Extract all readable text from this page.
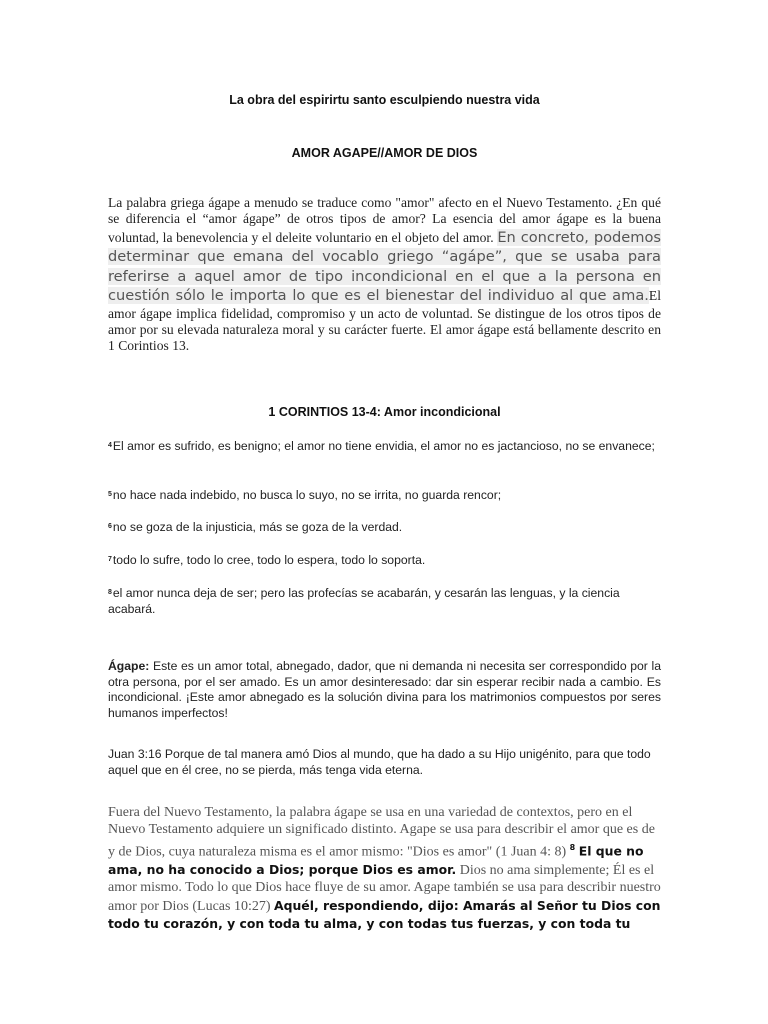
La obra del espirirtu santo esculpiendo nuestra vida
AMOR AGAPE//AMOR DE DIOS

La palabra griega ágape a menudo se traduce como "amor" afecto en el Nuevo Testamento. ¿En qué se diferencia el “amor ágape” de otros tipos de amor? La esencia del amor ágape es la buena voluntad, la benevolencia y el deleite voluntario en el objeto del amor. En concreto, podemos determinar que emana del vocablo griego “agápe”, que se usaba para referirse a aquel amor de tipo incondicional en el que a la persona en cuestión sólo le importa lo que es el bienestar del individuo al que ama.El amor ágape implica fidelidad, compromiso y un acto de voluntad. Se distingue de los otros tipos de amor por su elevada naturaleza moral y su carácter fuerte. El amor ágape está bellamente descrito en 1 Corintios 13.

1 CORINTIOS 13-4: Amor incondicional

$^4$El amor es sufrido, es benigno; el amor no tiene envidia, el amor no es jactancioso, no se envanece;

$^5$no hace nada indebido, no busca lo suyo, no se irrita, no guarda rencor;

$^6$no se goza de la injusticia, más se goza de la verdad.

$^7$todo lo sufre, todo lo cree, todo lo espera, todo lo soporta.

$^8$el amor nunca deja de ser; pero las profecías se acabarán, y cesarán las lenguas, y la ciencia acabará.

Ágape: Este es un amor total, abnegado, dador, que ni demanda ni necesita ser correspondido por la otra persona, por el ser amado. Es un amor desinteresado: dar sin esperar recibir nada a cambio. Es incondicional. ¡Este amor abnegado es la solución divina para los matrimonios compuestos por seres humanos imperfectos!

Juan 3:16 Porque de tal manera amó Dios al mundo, que ha dado a su Hijo unigénito, para que todo aquel que en él cree, no se pierda, más tenga vida eterna.

Fuera del Nuevo Testamento, la palabra ágape se usa en una variedad de contextos, pero en el Nuevo Testamento adquiere un significado distinto. Agape se usa para describir el amor que es de y de Dios, cuya naturaleza misma es el amor mismo: "Dios es amor" (1 Juan 4: 8) $^8$ El que no ama, no ha conocido a Dios; porque Dios es amor. Dios no ama simplemente; Él es el amor mismo. Todo lo que Dios hace fluye de su amor. Agape también se usa para describir nuestro amor por Dios (Lucas 10:27) Aquél, respondiendo, dijo: Amarás al Señor tu Dios con todo tu corazón, y con toda tu alma, y con todas tus fuerzas, y con toda tu
